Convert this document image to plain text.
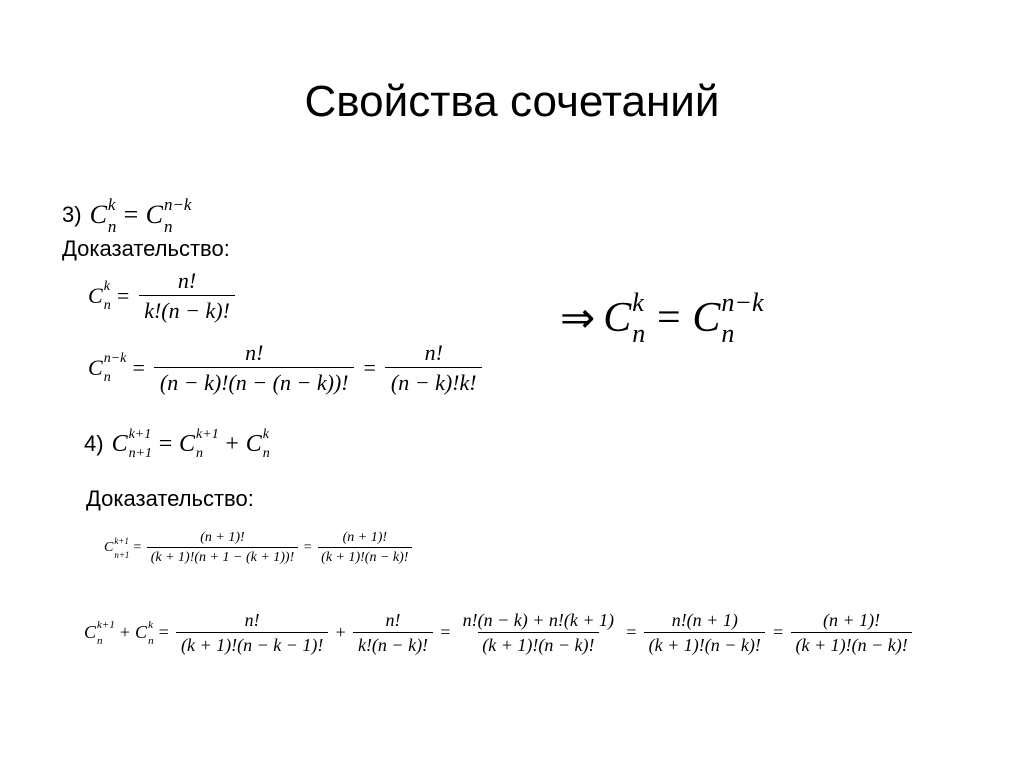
Свойства сочетаний
3) C k
n = C n−k
n
Доказательство:
C k
$n = \frac{n!}{k!(n - k)!}$
C n−k
$n = \frac{n!}{(n - k)!(n - (n - k))!} = \frac{n!}{(n - k)!k!}$
⇒ C k
n = C n−k
n
4) C k+1
n+1 = C k+1
n + C k
n
Доказательство:
C k+1
$n+1 = \frac{(n + 1)!}{(k + 1)!(n + 1 - (k + 1))!} = \frac{(n + 1)!}{(k + 1)!(n - k)!}$
C k+1
n + C k
$n = \frac{n!}{(k + 1)!(n - k - 1)!} + \frac{n!}{k!(n - k)!} = \frac{n!(n - k) + n!(k + 1)}{(k + 1)!(n - k)!} = \frac{n!(n + 1)}{(k + 1)!(n - k)!} = \frac{(n + 1)!}{(k + 1)!(n - k)!}$
